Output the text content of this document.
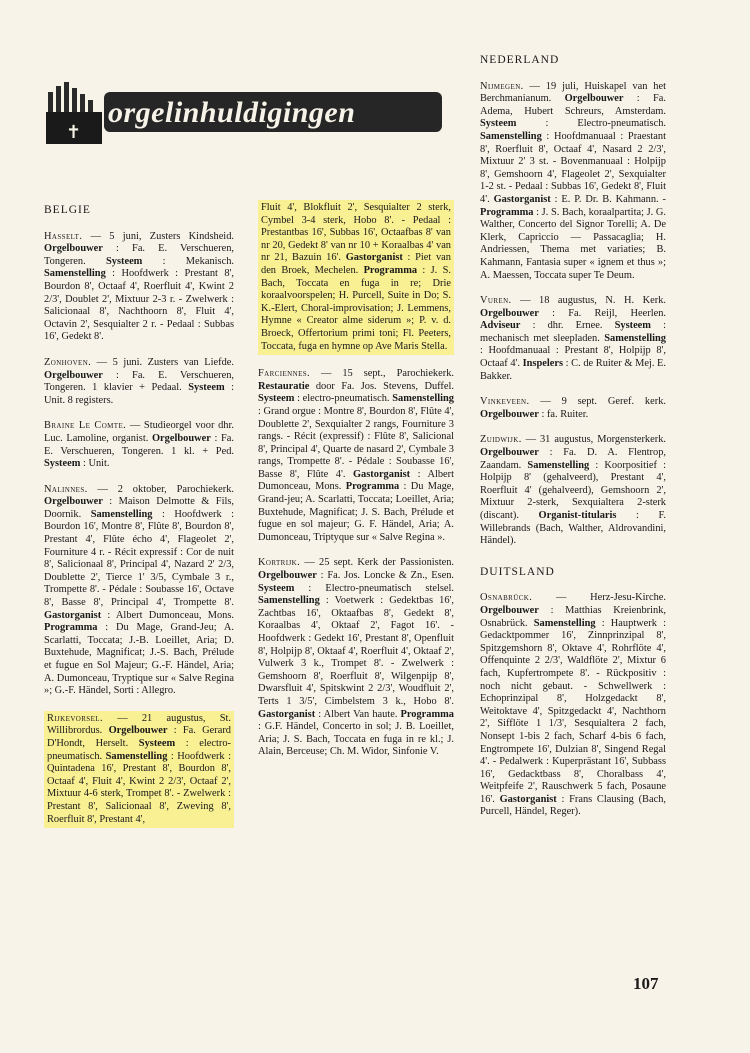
✝
orgelinhuldigingen
BELGIE

Hasselt. — 5 juni, Zusters Kindsheid. Orgelbouwer : Fa. E. Verschueren, Tongeren. Systeem : Mekanisch. Samenstelling : Hoofdwerk : Prestant 8', Bourdon 8', Octaaf 4', Roerfluit 4', Kwint 2 2/3', Doublet 2', Mixtuur 2-3 r. - Zwelwerk : Salicionaal 8', Nachthoorn 8', Fluit 4', Octavin 2', Sesquialter 2 r. - Pedaal : Subbas 16', Gedekt 8'.

Zonhoven. — 5 juni. Zusters van Liefde. Orgelbouwer : Fa. E. Verschueren, Tongeren. 1 klavier + Pedaal. Systeem : Unit. 8 registers.

Braine Le Comte. — Studieorgel voor dhr. Luc. Lamoline, organist. Orgelbouwer : Fa. E. Verschueren, Tongeren. 1 kl. + Ped. Systeem : Unit.

Nalinnes. — 2 oktober, Parochiekerk. Orgelbouwer : Maison Delmotte & Fils, Doornik. Samenstelling : Hoofdwerk : Bourdon 16', Montre 8', Flûte 8', Bourdon 8', Prestant 4', Flûte écho 4', Flageolet 2', Fourniture 4 r. - Récit expressif : Cor de nuit 8', Salicionaal 8', Principal 4', Nazard 2' 2/3, Doublette 2', Tierce 1' 3/5, Cymbale 3 r., Trompette 8'. - Pédale : Soubasse 16', Octave 8', Basse 8', Principal 4', Trompette 8'. Gastorganist : Albert Dumonceau, Mons. Programma : Du Mage, Grand-Jeu; A. Scarlatti, Toccata; J.-B. Loeillet, Aria; D. Buxtehude, Magnificat; J.-S. Bach, Prélude et fugue en Sol Majeur; G.-F. Händel, Aria; A. Dumonceau, Tryptique sur « Salve Regina »; G.-F. Händel, Sorti : Allegro.

Rijkevorsel. — 21 augustus, St. Willibrordus. Orgelbouwer : Fa. Gerard D'Hondt, Herselt. Systeem : electro-pneumatisch. Samenstelling : Hoofdwerk : Quintadena 16', Prestant 8', Bourdon 8', Octaaf 4', Fluit 4', Kwint 2 2/3', Octaaf 2', Mixtuur 4-6 sterk, Trompet 8'. - Zwelwerk : Prestant 8', Salicionaal 8', Zweving 8', Roerfluit 8', Prestant 4',

Fluit 4', Blokfluit 2', Sesquialter 2 sterk, Cymbel 3-4 sterk, Hobo 8'. - Pedaal : Prestantbas 16', Subbas 16', Octaafbas 8' van nr 20, Gedekt 8' van nr 10 + Koraalbas 4' van nr 21, Bazuin 16'. Gastorganist : Piet van den Broek, Mechelen. Programma : J. S. Bach, Toccata en fuga in re; Drie koraalvoorspelen; H. Purcell, Suite in Do; S. K.-Elert, Choral-improvisation; J. Lemmens, Hymne « Creator alme siderum »; P. v. d. Broeck, Offertorium primi toni; Fl. Peeters, Toccata, fuga en hymne op Ave Maris Stella.

Farciennes. — 15 sept., Parochiekerk. Restauratie door Fa. Jos. Stevens, Duffel. Systeem : electro-pneumatisch. Samenstelling : Grand orgue : Montre 8', Bourdon 8', Flûte 4', Doublette 2', Sexquialter 2 rangs, Fourniture 3 rangs. - Récit (expressif) : Flûte 8', Salicional 8', Principal 4', Quarte de nasard 2', Cymbale 3 rangs, Trompette 8'. - Pédale : Soubasse 16', Basse 8', Flûte 4'. Gastorganist : Albert Dumonceau, Mons. Programma : Du Mage, Grand-jeu; A. Scarlatti, Toccata; Loeillet, Aria; Buxtehude, Magnificat; J. S. Bach, Prélude et fugue en sol majeur; G. F. Händel, Aria; A. Dumonceau, Triptyque sur « Salve Regina ».

Kortrijk. — 25 sept. Kerk der Passionisten. Orgelbouwer : Fa. Jos. Loncke & Zn., Esen. Systeem : Electro-pneumatisch stelsel. Samenstelling : Voetwerk : Gedektbas 16', Zachtbas 16', Oktaafbas 8', Gedekt 8', Koraalbas 4', Oktaaf 2', Fagot 16'. - Hoofdwerk : Gedekt 16', Prestant 8', Openfluit 8', Holpijp 8', Oktaaf 4', Roerfluit 4', Oktaaf 2', Vulwerk 3 k., Trompet 8'. - Zwelwerk : Gemshoorn 8', Roerfluit 8', Wilgenpijp 8', Dwarsfluit 4', Spitskwint 2 2/3', Woudfluit 2', Terts 1 3/5', Cimbelstem 3 k., Hobo 8'. Gastorganist : Albert Van haute. Programma : G.F. Händel, Concerto in sol; J. B. Loeillet, Aria; J. S. Bach, Toccata en fuga in re kl.; J. Alain, Berceuse; Ch. M. Widor, Sinfonie V.

NEDERLAND

Nijmegen. — 19 juli, Huiskapel van het Berchmanianum. Orgelbouwer : Fa. Adema, Hubert Schreurs, Amsterdam. Systeem : Electro-pneumatisch. Samenstelling : Hoofdmanuaal : Praestant 8', Roerfluit 8', Octaaf 4', Nasard 2 2/3', Mixtuur 2' 3 st. - Bovenmanuaal : Holpijp 8', Gemshoorn 4', Flageolet 2', Sexquialter 1-2 st. - Pedaal : Subbas 16', Gedekt 8', Fluit 4'. Gastorganist : E. P. Dr. B. Kahmann. - Programma : J. S. Bach, koraalpartita; J. G. Walther, Concerto del Signor Torelli; A. De Klerk, Capriccio — Passacaglia; H. Andriessen, Thema met variaties; B. Kahmann, Fantasia super « ignem et thus »; A. Maessen, Toccata super Te Deum.

Vuren. — 18 augustus, N. H. Kerk. Orgelbouwer : Fa. Reijl, Heerlen. Adviseur : dhr. Ernee. Systeem : mechanisch met sleepladen. Samenstelling : Hoofdmanuaal : Prestant 8', Holpijp 8', Octaaf 4'. Inspelers : C. de Ruiter & Mej. E. Bakker.

Vinkeveen. — 9 sept. Geref. kerk. Orgelbouwer : fa. Ruiter.

Zuidwijk. — 31 augustus, Morgensterkerk. Orgelbouwer : Fa. D. A. Flentrop, Zaandam. Samenstelling : Koorpositief : Holpijp 8' (gehalveerd), Prestant 4', Roerfluit 4' (gehalveerd), Gemshoorn 2', Mixtuur 2-sterk, Sexquialtera 2-sterk (discant). Organist-titularis : F. Willebrands (Bach, Walther, Aldrovandini, Händel).

DUITSLAND

Osnabrück. — Herz-Jesu-Kirche. Orgelbouwer : Matthias Kreienbrink, Osnabrück. Samenstelling : Hauptwerk : Gedacktpommer 16', Zinnprinzipal 8', Spitzgemshorn 8', Oktave 4', Rohrflöte 4', Offenquinte 2 2/3', Waldflöte 2', Mixtur 6 fach, Kupfertrompete 8'. - Rückpositiv : noch nicht gebaut. - Schwellwerk : Echoprinzipal 8', Holzgedackt 8', Weitoktave 4', Spitzgedackt 4', Nachthorn 2', Sifflöte 1 1/3', Sesquialtera 2 fach, Nonsept 1-bis 2 fach, Scharf 4-bis 6 fach, Engtrompete 16', Dulzian 8', Singend Regal 4'. - Pedalwerk : Kuperprästant 16', Subbass 16', Gedacktbass 8', Choralbass 4', Weitpfeife 2', Rauschwerk 5 fach, Posaune 16'. Gastorganist : Frans Clausing (Bach, Purcell, Händel, Reger).

107
